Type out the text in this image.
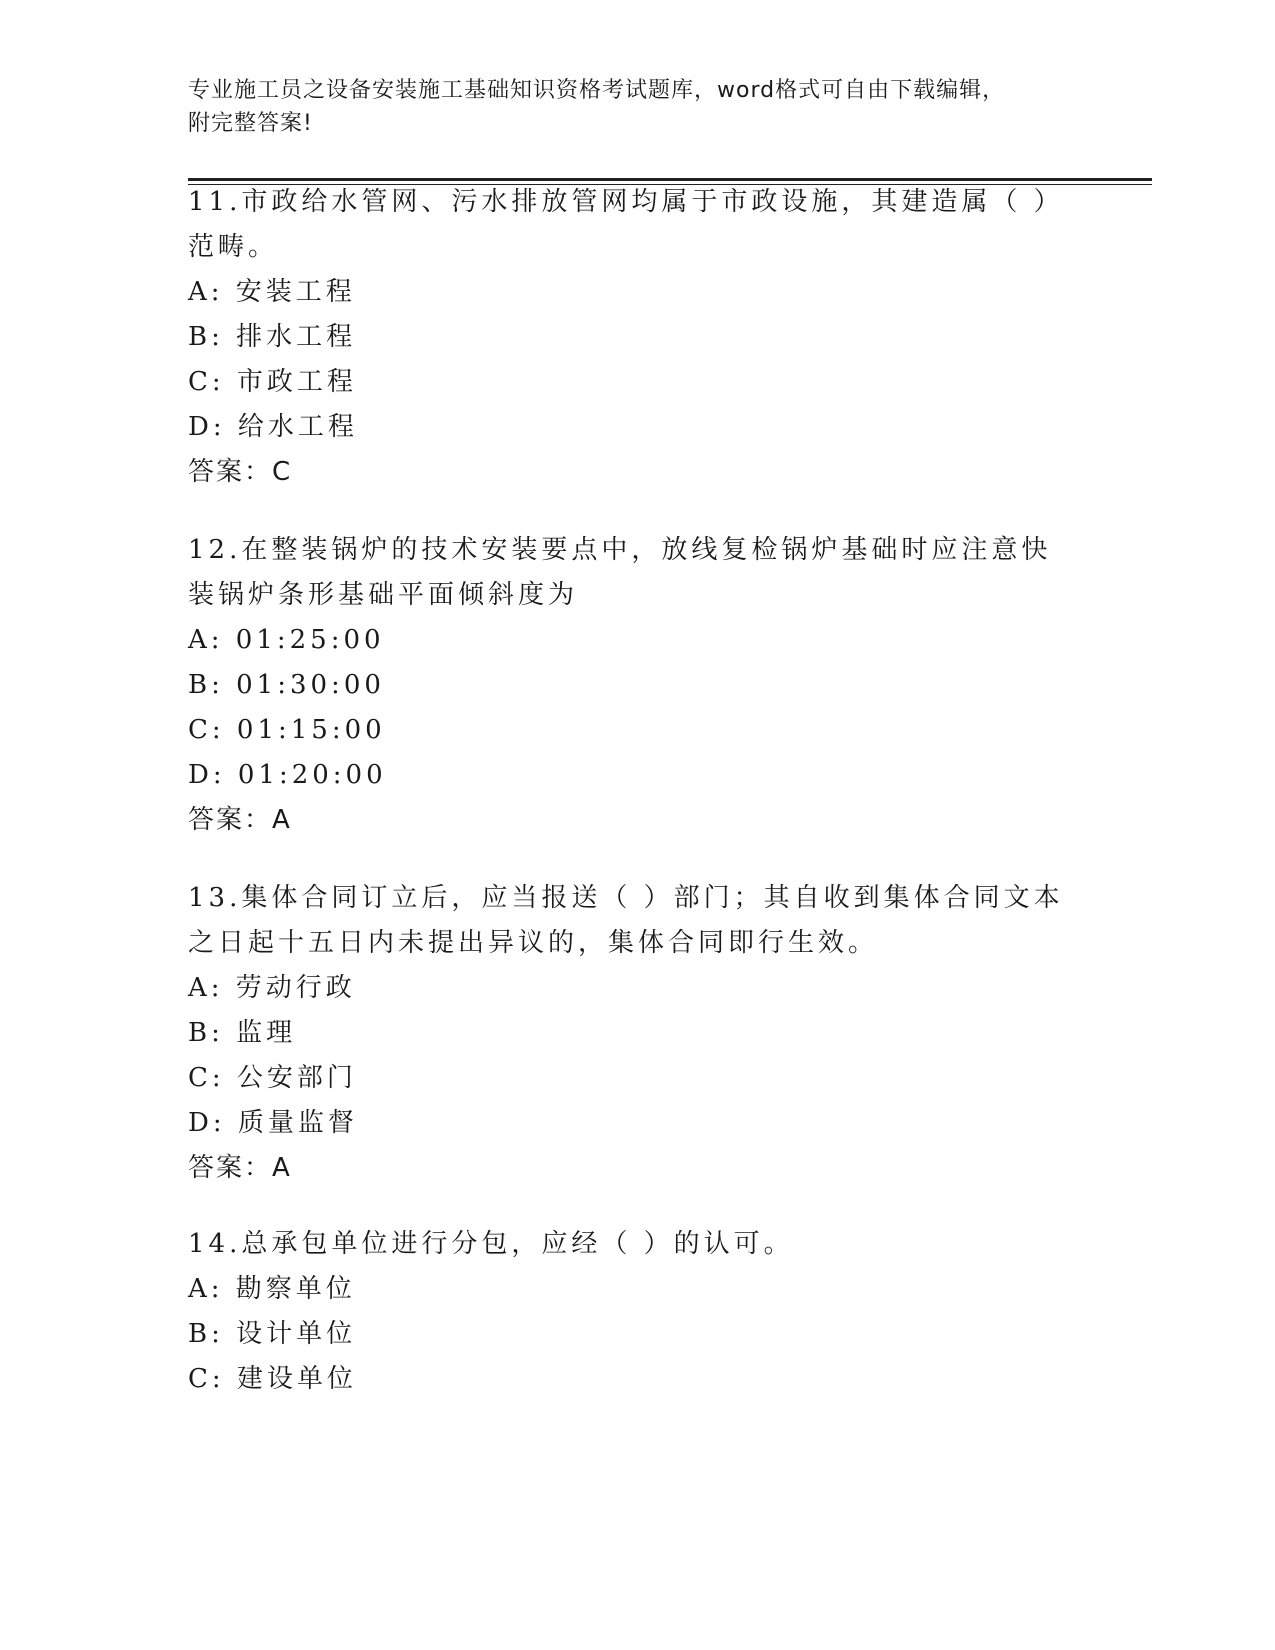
专业施工员之设备安装施工基础知识资格考试题库，word格式可自由下载编辑，
附完整答案!

11.市政给水管网、污水排放管网均属于市政设施，其建造属（ ）范畴。

A: 安装工程

B: 排水工程

C: 市政工程

D: 给水工程

答案：C

12.在整装锅炉的技术安装要点中，放线复检锅炉基础时应注意快装锅炉条形基础平面倾斜度为

A: 01:25:00

B: 01:30:00

C: 01:15:00

D: 01:20:00

答案：A

13.集体合同订立后，应当报送（ ）部门；其自收到集体合同文本之日起十五日内未提出异议的，集体合同即行生效。

A: 劳动行政

B: 监理

C: 公安部门

D: 质量监督

答案：A

14.总承包单位进行分包，应经（ ）的认可。

A: 勘察单位

B: 设计单位

C: 建设单位
